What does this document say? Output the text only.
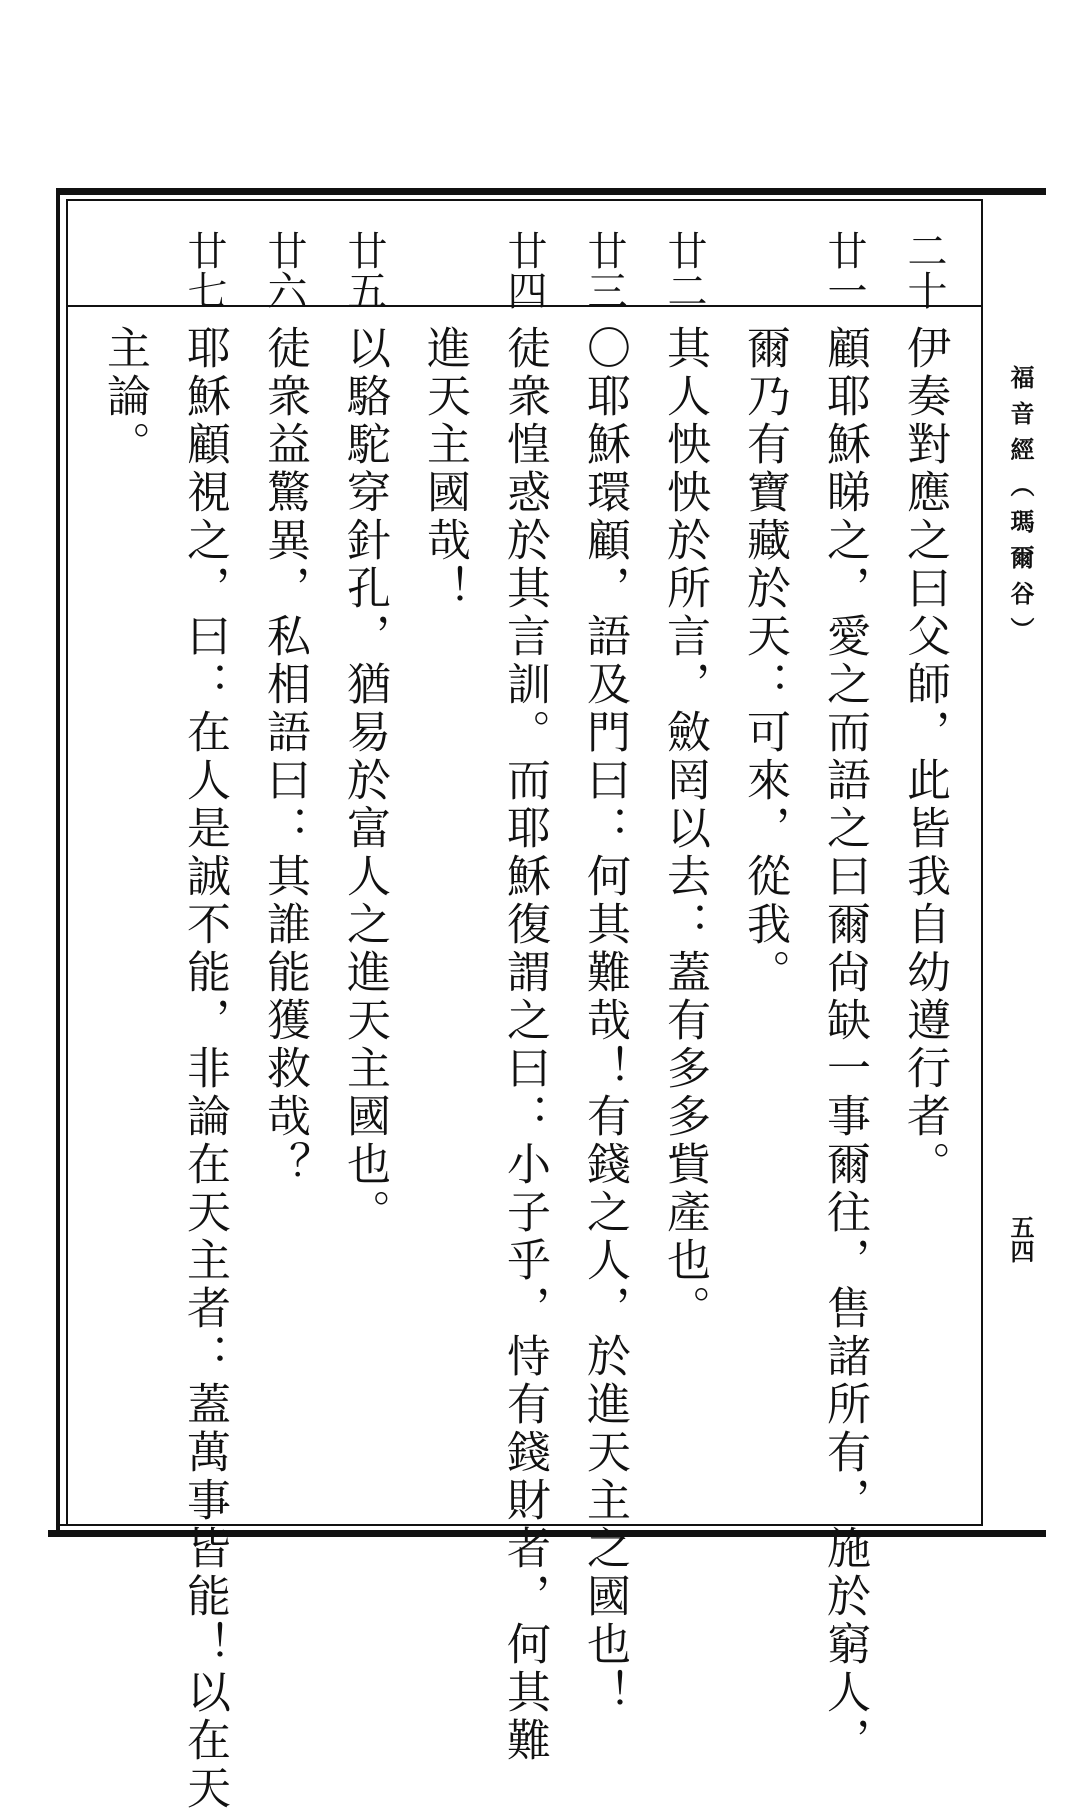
福音經（瑪爾谷）
五四
二十
廿一
廿二
廿三
廿四
廿五
廿六
廿七
伊奏對應之曰父師，此皆我自幼遵行者。
顧耶穌睇之，愛之而語之曰爾尙缺一事爾往，售諸所有，施於窮人，
爾乃有寶藏於天：可來，從我。
其人怏怏於所言，斂罔以去：蓋有多多貲產也。
〇耶穌環顧，語及門曰：何其難哉！有錢之人，於進天主之國也！
徒衆惶惑於其言訓。而耶穌復謂之曰：小子乎，恃有錢財者，何其難
進天主國哉！
以駱駝穿針孔，猶易於富人之進天主國也。
徒衆益驚異，私相語曰：其誰能獲救哉？
耶穌顧視之，曰：在人是誠不能，非論在天主者：蓋萬事皆能！以在天
主論。
